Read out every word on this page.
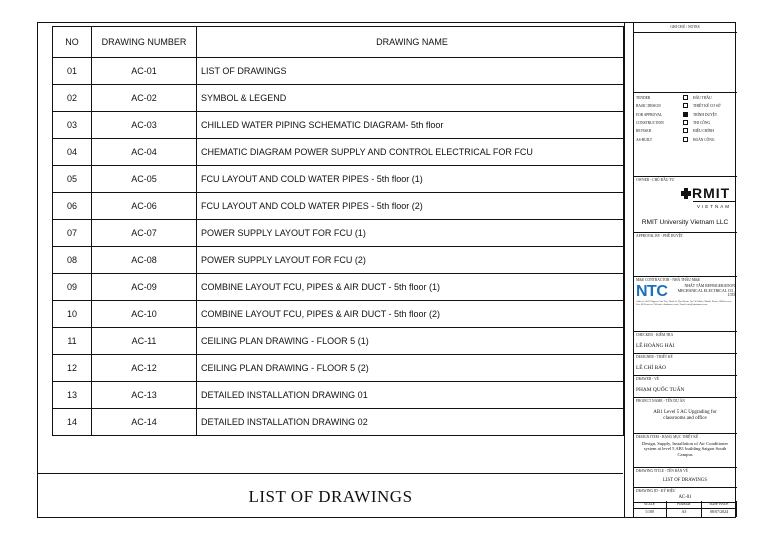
NO	DRAWING NUMBER	DRAWING NAME
01	AC-01	LIST OF DRAWINGS
02	AC-02	SYMBOL & LEGEND
03	AC-03	CHILLED WATER PIPING SCHEMATIC DIAGRAM- 5th floor
04	AC-04	CHEMATIC DIAGRAM POWER SUPPLY AND CONTROL ELECTRICAL FOR FCU
05	AC-05	FCU LAYOUT AND COLD WATER PIPES - 5th floor (1)
06	AC-06	FCU LAYOUT AND COLD WATER PIPES - 5th floor (2)
07	AC-07	POWER SUPPLY LAYOUT FOR FCU (1)
08	AC-08	POWER SUPPLY LAYOUT FOR FCU (2)
09	AC-09	COMBINE LAYOUT FCU, PIPES & AIR DUCT - 5th floor (1)
10	AC-10	COMBINE LAYOUT FCU, PIPES & AIR DUCT - 5th floor (2)
11	AC-11	CEILING PLAN DRAWING - FLOOR 5 (1)
12	AC-12	CEILING PLAN DRAWING - FLOOR 5 (2)
13	AC-13	DETAILED INSTALLATION DRAWING 01
14	AC-14	DETAILED INSTALLATION DRAWING 02
LIST OF DRAWINGS
GHI CHÚ / NOTES
TENDER	ĐẤU THẦU
BASIC DESIGN	THIẾT KẾ CƠ SỞ
FOR APPROVAL	TRÌNH DUYỆT
CONSTRUCTION	THI CÔNG
REVISED	HIỆU CHỈNH
AS-BUILT	HOÀN CÔNG
OWNER - CHỦ ĐẦU TƯ
RMIT
VIETNAM
RMIT University Vietnam LLC
APPROVAL BY - PHÊ DUYỆT
M&E CONTRACTOR - NHÀ THẦU M&E
NTC	NHẤT TÂM REFRIGERATION MECHANICAL ELECTRICAL CO., LTD
Address: 60/18 Nguyen Van Troi, Ward 10, Phu Nhuan, Ho Chi Minh | Mobile Phone: 0909xxxxxx | Fax: 0283xxxxxx | Website: nhattamco.com | Email: info@nhattamco.com
CHECKED - KIỂM TRA
LÊ HOÀNG HẢI
DESIGNER - THIẾT KẾ
LÊ CHÍ BẢO
DRAWER - VẼ
PHẠM QUỐC TUẤN
PROJECT NAME - TÊN DỰ ÁN
AB1 Level 5 AC Upgrading for classrooms and office
DESIGN ITEM - HẠNG MỤC THIẾT KẾ
Design, Supply, Installation of Air Conditioner system at level 5 AB1 building Saigon South Campus
DRAWING TITLE - TÊN BẢN VẼ
LIST OF DRAWINGS
DRAWING ID - KÝ HIỆU
AC-01
SCALE
1/100
FORMAT
A3
DATE ISSUE
08/07/2024
